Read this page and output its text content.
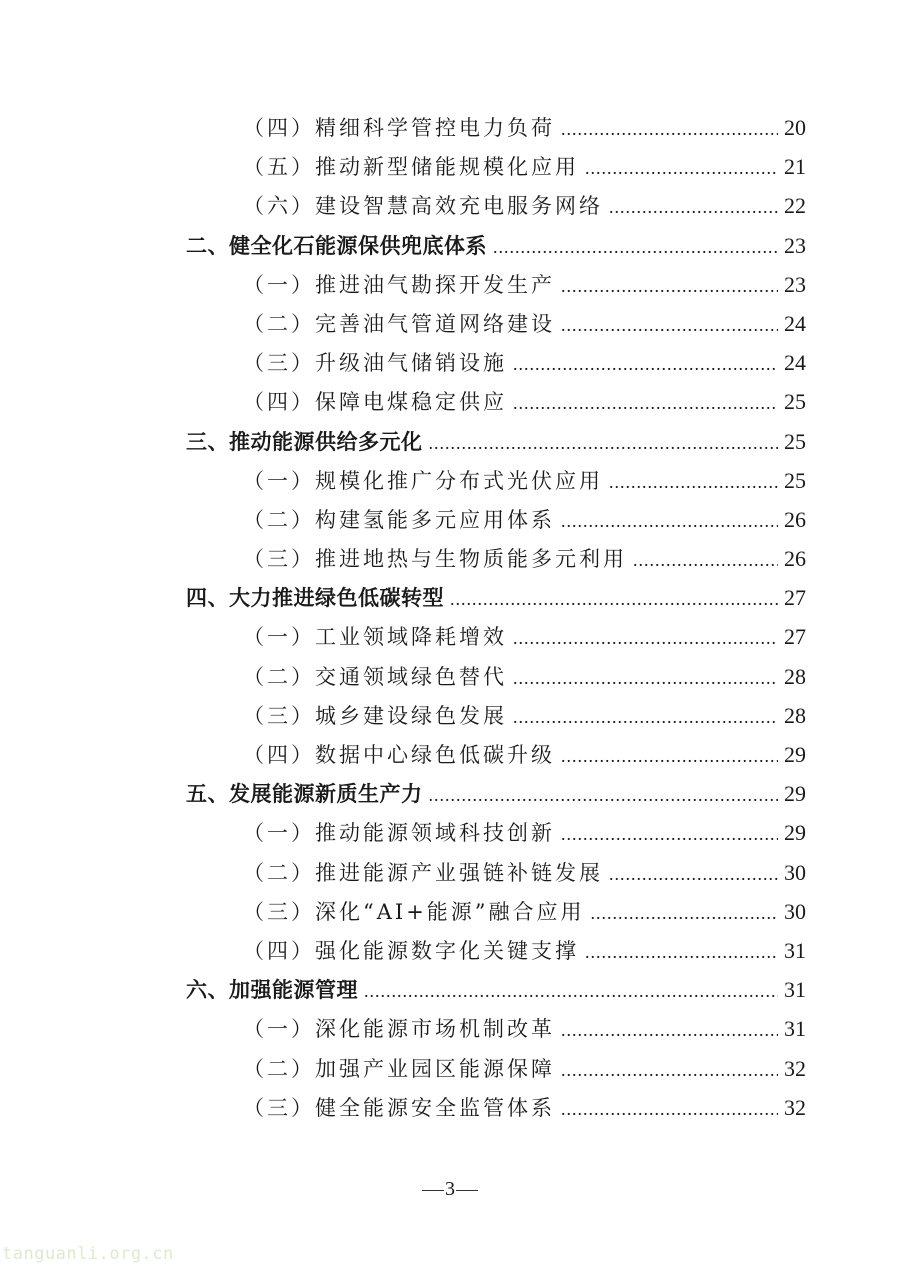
（四）精细科学管控电力负荷 .....	20
（五）推动新型储能规模化应用 .....	21
（六）建设智慧高效充电服务网络 .....	22
二、健全化石能源保供兜底体系 .....	23
（一）推进油气勘探开发生产 .....	23
（二）完善油气管道网络建设 .....	24
（三）升级油气储销设施 .....	24
（四）保障电煤稳定供应 .....	25
三、推动能源供给多元化 .....	25
（一）规模化推广分布式光伏应用 .....	25
（二）构建氢能多元应用体系 .....	26
（三）推进地热与生物质能多元利用 .....	26
四、大力推进绿色低碳转型 .....	27
（一）工业领域降耗增效 .....	27
（二）交通领域绿色替代 .....	28
（三）城乡建设绿色发展 .....	28
（四）数据中心绿色低碳升级 .....	29
五、发展能源新质生产力 .....	29
（一）推动能源领域科技创新 .....	29
（二）推进能源产业强链补链发展 .....	30
（三）深化“AI+能源”融合应用 .....	30
（四）强化能源数字化关键支撑 .....	31
六、加强能源管理 .....	31
（一）深化能源市场机制改革 .....	31
（二）加强产业园区能源保障 .....	32
（三）健全能源安全监管体系 .....	32
3
tanguanli.org.cn
